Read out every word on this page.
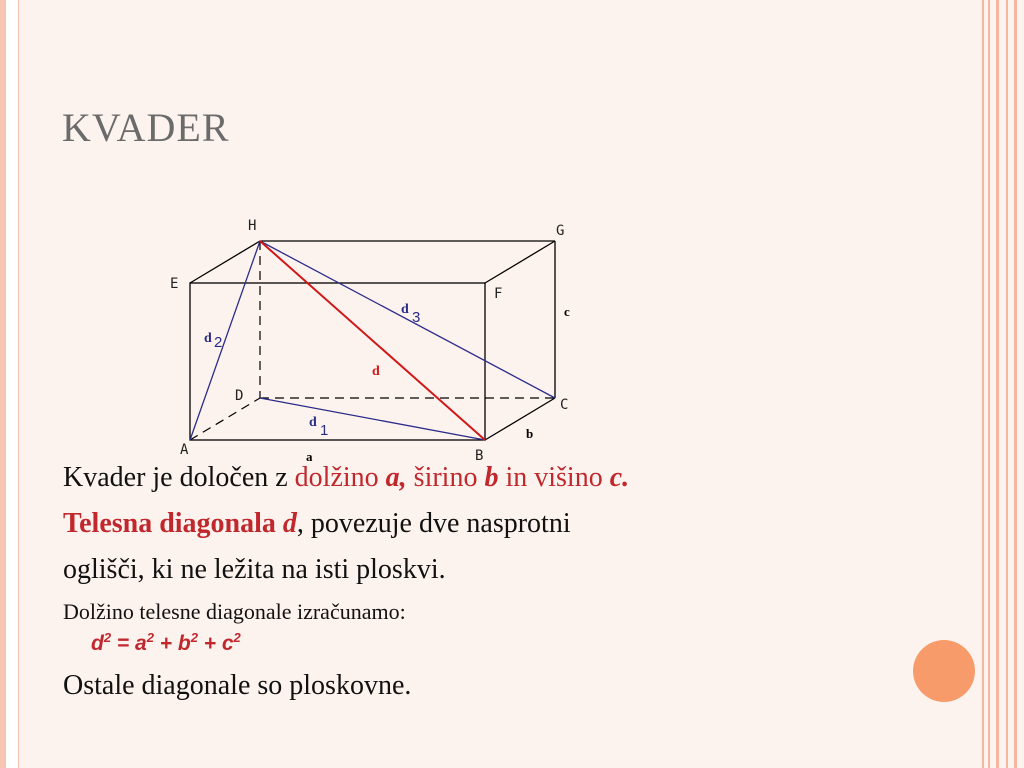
KVADER
H	G
E
F
D
C
A	B
a
b
c
d
d 2
d 1
d 3
Kvader je določen z dolžino a, širino b in višino c.
Telesna diagonala d, povezuje dve nasprotni
oglišči, ki ne ležita na isti ploskvi.
Dolžino telesne diagonale izračunamo:
$d^2 = a^2 + b^2 + c^2$
Ostale diagonale so ploskovne.
